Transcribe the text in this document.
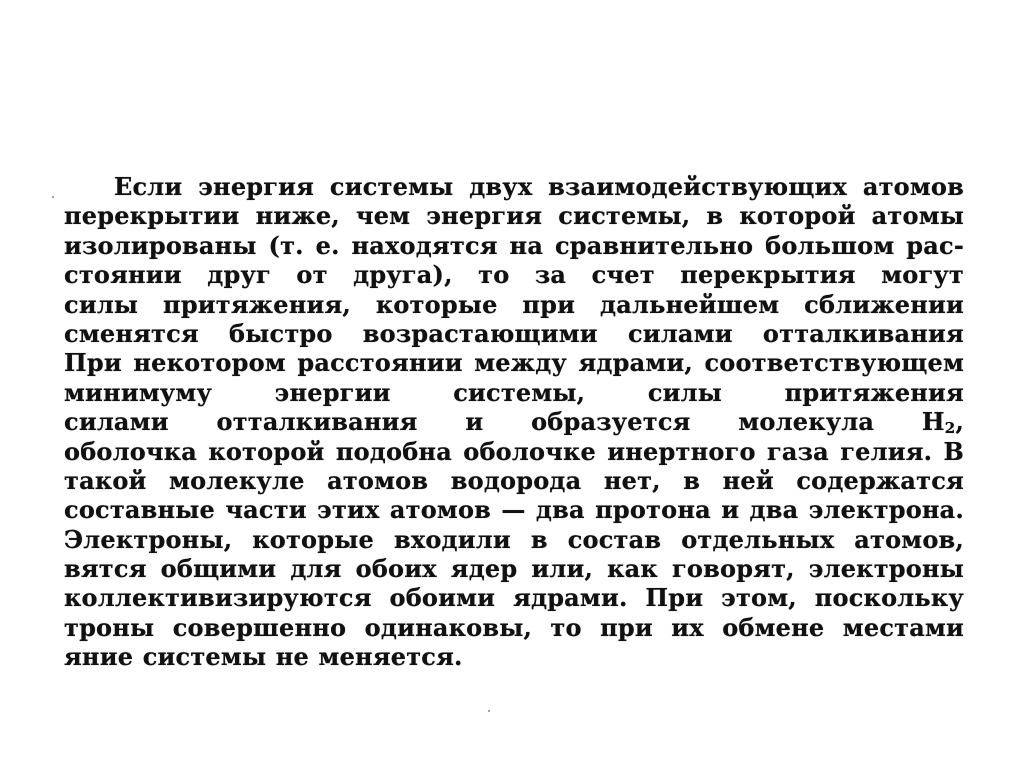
Если энергия системы двух взаимодействующих атомов
перекрытии ниже, чем энергия системы, в которой атомы
изолированы (т. е. находятся на сравнительно большом рас-
стоянии друг от друга), то за счет перекрытия могут
силы притяжения, которые при дальнейшем сближении
сменятся быстро возрастающими силами отталкивания
При некотором расстоянии между ядрами, соответствующем
минимуму энергии системы, силы притяжения
силами отталкивания и образуется молекула $H_2$,
оболочка которой подобна оболочке инертного газа гелия. В
такой молекуле атомов водорода нет, в ней содержатся
составные части этих атомов — два протона и два электрона.
Электроны, которые входили в состав отдельных атомов,
вятся общими для обоих ядер или, как говорят, электроны
коллективизируются обоими ядрами. При этом, поскольку
троны совершенно одинаковы, то при их обмене местами
яние системы не меняется.
